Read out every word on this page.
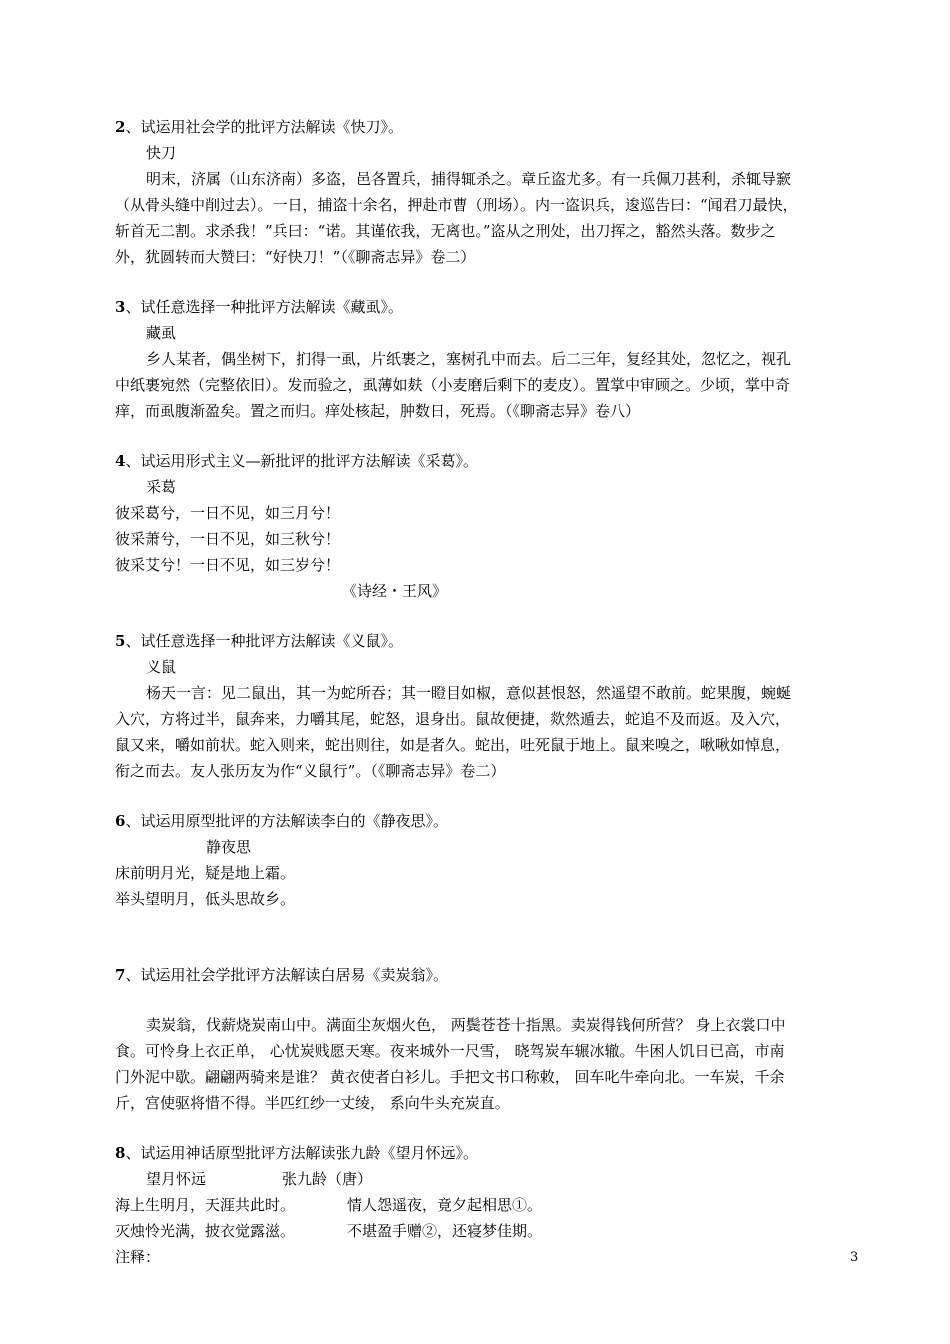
2、试运用社会学的批评方法解读《快刀》。
快刀
明末，济属（山东济南）多盗，邑各置兵，捕得辄杀之。章丘盗尤多。有一兵佩刀甚利，杀辄导窾
（从骨头缝中削过去）。一日，捕盗十余名，押赴市曹（刑场）。内一盗识兵，逡巡告曰：“闻君刀最快，
斩首无二割。求杀我！”兵曰：“诺。其谨依我，无离也。”盗从之刑处，出刀挥之，豁然头落。数步之
外，犹圆转而大赞曰：“好快刀！”（《聊斋志异》卷二）
3、试任意选择一种批评方法解读《藏虱》。
藏虱
乡人某者，偶坐树下，扪得一虱，片纸裹之，塞树孔中而去。后二三年，复经其处，忽忆之，视孔
中纸裹宛然（完整依旧）。发而验之，虱薄如麸（小麦磨后剩下的麦皮）。置掌中审顾之。少顷，掌中奇
痒，而虱腹渐盈矣。置之而归。痒处核起，肿数日，死焉。（《聊斋志异》卷八）
4、试运用形式主义—新批评的批评方法解读《采葛》。
采葛
彼采葛兮，一日不见，如三月兮！
彼采萧兮，一日不见，如三秋兮！
彼采艾兮！一日不见，如三岁兮！
《诗经・王风》
5、试任意选择一种批评方法解读《义鼠》。
义鼠
杨天一言：见二鼠出，其一为蛇所吞；其一瞪目如椒，意似甚恨怒，然遥望不敢前。蛇果腹，蜿蜒
入穴，方将过半，鼠奔来，力嚼其尾，蛇怒，退身出。鼠故便捷，欻然遁去，蛇追不及而返。及入穴，
鼠又来，嚼如前状。蛇入则来，蛇出则往，如是者久。蛇出，吐死鼠于地上。鼠来嗅之，啾啾如悼息，
衔之而去。友人张历友为作“义鼠行”。（《聊斋志异》卷二）
6、试运用原型批评的方法解读李白的《静夜思》。
静夜思
床前明月光，疑是地上霜。
举头望明月，低头思故乡。
7、试运用社会学批评方法解读白居易《卖炭翁》。
卖炭翁，伐薪烧炭南山中。满面尘灰烟火色， 两鬓苍苍十指黑。卖炭得钱何所营？ 身上衣裳口中
食。可怜身上衣正单， 心忧炭贱愿天寒。夜来城外一尺雪， 晓驾炭车辗冰辙。牛困人饥日已高，市南
门外泥中歇。翩翩两骑来是谁？ 黄衣使者白衫儿。手把文书口称敕， 回车叱牛牵向北。一车炭，千余
斤，宫使驱将惜不得。半匹红纱一丈绫， 系向牛头充炭直。
8、试运用神话原型批评方法解读张九龄《望月怀远》。
望月怀远	张九龄（唐）
海上生明月，天涯共此时。	情人怨遥夜，竟夕起相思①。
灭烛怜光满，披衣觉露滋。	不堪盈手赠②，还寝梦佳期。
注释：	3
